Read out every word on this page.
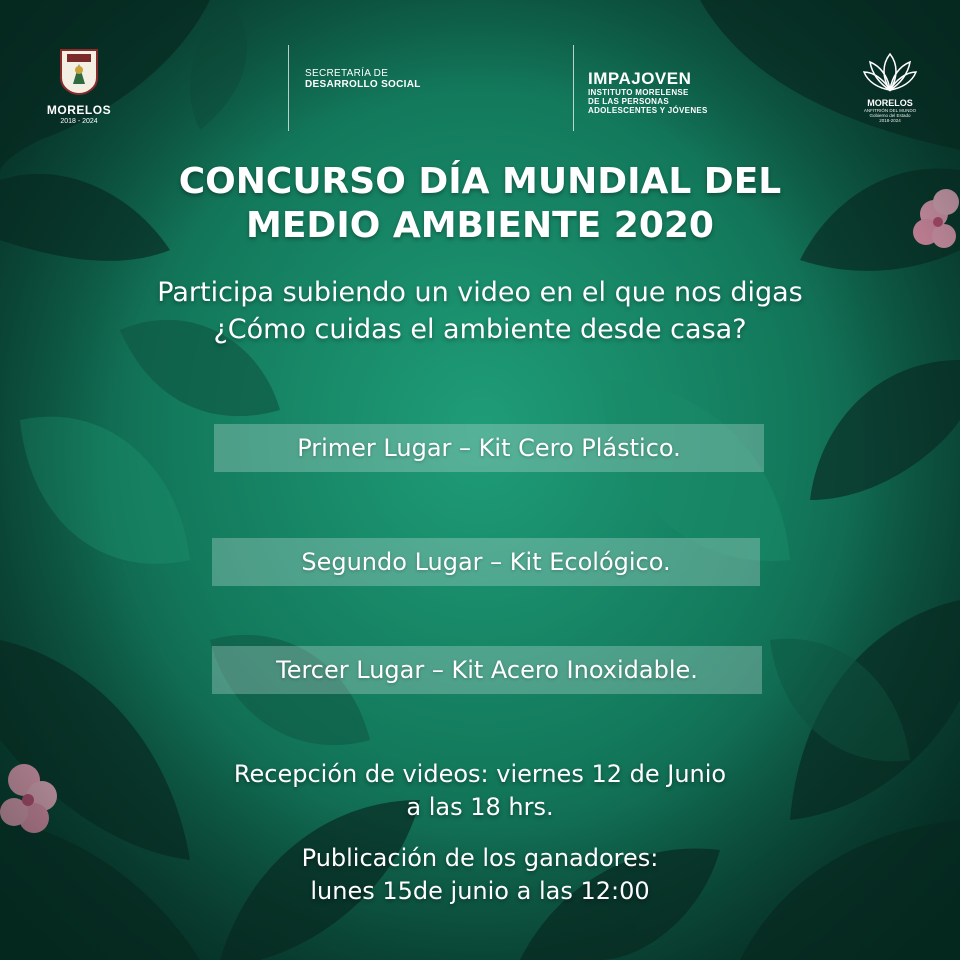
MORELOS
2018 - 2024
SECRETARÍA DE
DESARROLLO SOCIAL	IMPAJOVEN
INSTITUTO MORELENSE
DE LAS PERSONAS
ADOLESCENTES Y JÓVENES
MORELOS
ANFITRIÓN DEL MUNDO
Gobierno del Estado
2018-2024
CONCURSO DÍA MUNDIAL DEL
MEDIO AMBIENTE 2020
Participa subiendo un video en el que nos digas
¿Cómo cuidas el ambiente desde casa?
Primer Lugar – Kit Cero Plástico.
Segundo Lugar – Kit Ecológico.
Tercer Lugar – Kit Acero Inoxidable.
Recepción de videos: viernes 12 de Junio
a las 18 hrs.
Publicación de los ganadores:
lunes 15de junio a las 12:00
